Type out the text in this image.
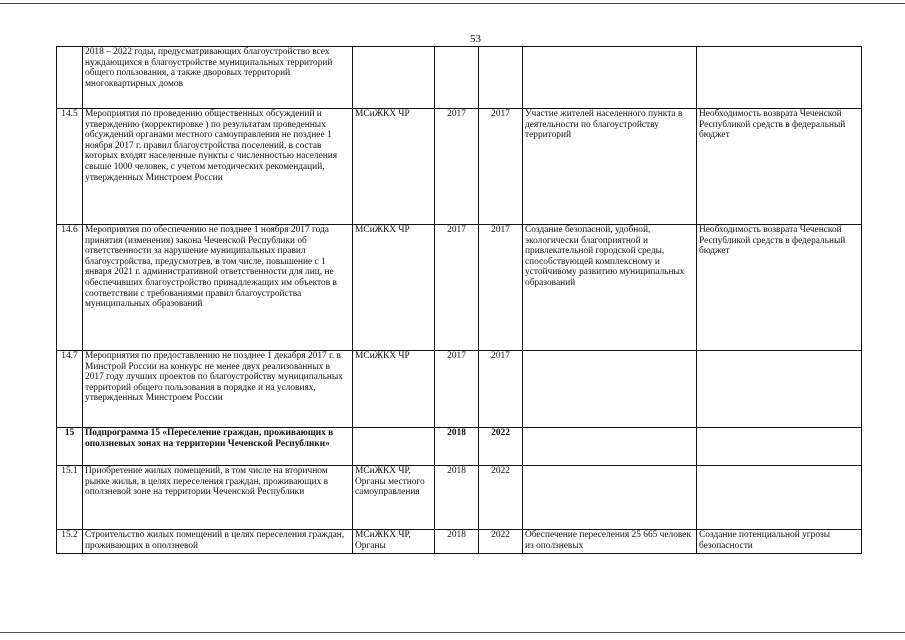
53
	2018 – 2022 годы, предусматривающих благоустройство всех нуждающихся в благоустройстве муниципальных территорий общего пользования, а также дворовых территорий многоквартирных домов					
14.5	Мероприятия по проведению общественных обсуждений и утверждению (корректировке ) по результатам проведенных обсуждений органами местного самоуправления не позднее 1 ноября 2017 г. правил благоустройства поселений, в состав которых входят населенные пункты с численностью населения свыше 1000 человек, с учетом методических рекомендаций, утвержденных Минстроем России	МСиЖКХ ЧР	2017	2017	Участие жителей населенного пункта в деятельности по благоустройству территорий	Необходимость возврата Чеченской Республикой средств в федеральный бюджет
14.6	Мероприятия по обеспечению не позднее 1 ноября 2017 года принятия (изменения) закона Чеченской Республики об ответственности за нарушение муниципальных правил благоустройства, предусмотрев, в том числе, повышение с 1 января 2021 г. административной ответственности для лиц, не обеспечивших благоустройство принадлежащих им объектов в соответствии с требованиями правил благоустройства муниципальных образований	МСиЖКХ ЧР	2017	2017	Создание безопасной, удобной, экологически благоприятной и привлекательной городской среды, способствующей комплексному и устойчивому развитию муниципальных образований	Необходимость возврата Чеченской Республикой средств в федеральный бюджет
14.7	Мероприятия по предоставлению не позднее 1 декабря 2017 г. в Минстрой России на конкурс не менее двух реализованных в 2017 году лучших проектов по благоустройству муниципальных территорий общего пользования в порядке и на условиях, утвержденных Минстроем России	МСиЖКХ ЧР	2017	2017		
15	Подпрограмма 15 «Переселение граждан, проживающих в оползневых зонах на территории Чеченской Республики»		2018	2022		
15.1	Приобретение жилых помещений, в том числе на вторичном рынке жилья, в целях переселения граждан, проживающих в оползневой зоне на территории Чеченской Республики	МСиЖКХ ЧР, Органы местного самоуправления	2018	2022		
15.2	Строительство жилых помещений в целях переселения граждан, проживающих в оползневой	МСиЖКХ ЧР, Органы	2018	2022	Обеспечение переселения 25 665 человек из оползневых	Создание потенциальной угрозы безопасности
